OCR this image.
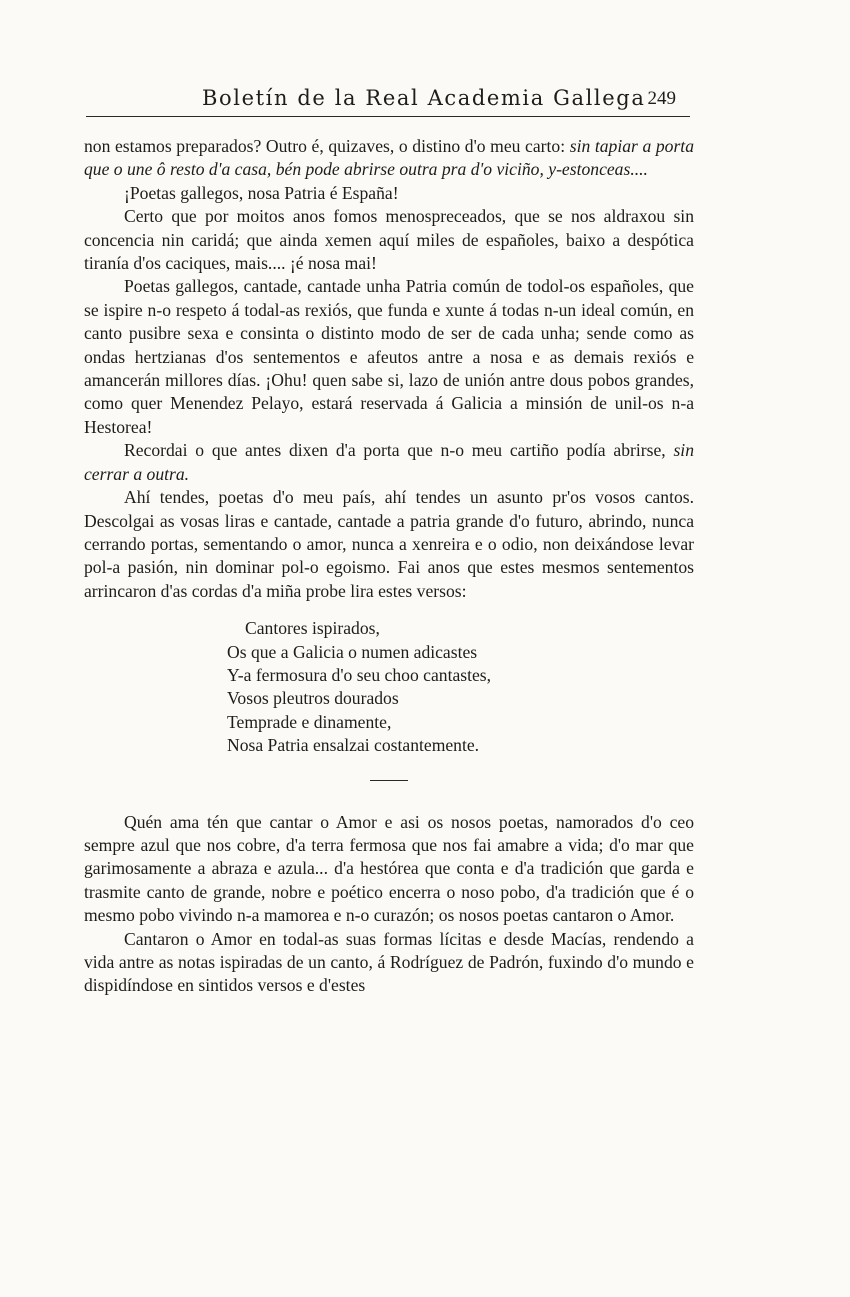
Boletín de la Real Academia Gallega 249

non estamos preparados? Outro é, quizaves, o distino d'o meu carto: sin tapiar a porta que o une ô resto d'a casa, bén pode abrirse outra pra d'o viciño, y-estonceas....

¡Poetas gallegos, nosa Patria é España!

Certo que por moitos anos fomos menospreceados, que se nos aldraxou sin concencia nin caridá; que ainda xemen aquí miles de españoles, baixo a despótica tiranía d'os caciques, mais.... ¡é nosa mai!

Poetas gallegos, cantade, cantade unha Patria común de todol-os españoles, que se ispire n-o respeto á todal-as rexiós, que funda e xunte á todas n-un ideal común, en canto pusibre sexa e consinta o distinto modo de ser de cada unha; sende como as ondas hertzianas d'os sentementos e afeutos antre a nosa e as demais rexiós e amancerán millores días. ¡Ohu! quen sabe si, lazo de unión antre dous pobos grandes, como quer Menendez Pelayo, estará reservada á Galicia a minsión de unil-os n-a Hestorea!

Recordai o que antes dixen d'a porta que n-o meu cartiño podía abrirse, sin cerrar a outra.

Ahí tendes, poetas d'o meu país, ahí tendes un asunto pr'os vosos cantos. Descolgai as vosas liras e cantade, cantade a patria grande d'o futuro, abrindo, nunca cerrando portas, sementando o amor, nunca a xenreira e o odio, non deixándose levar pol-a pasión, nin dominar pol-o egoismo. Fai anos que estes mesmos sentementos arrincaron d'as cordas d'a miña probe lira estes versos:

Cantores ispirados,
Os que a Galicia o numen adicastes
Y-a fermosura d'o seu choo cantastes,
Vosos pleutros dourados
Temprade e dinamente,
Nosa Patria ensalzai costantemente.

Quén ama tén que cantar o Amor e asi os nosos poetas, namorados d'o ceo sempre azul que nos cobre, d'a terra fermosa que nos fai amabre a vida; d'o mar que garimosamente a abraza e azula... d'a hestórea que conta e d'a tradición que garda e trasmite canto de grande, nobre e poético encerra o noso pobo, d'a tradición que é o mesmo pobo vivindo n-a mamorea e n-o curazón; os nosos poetas cantaron o Amor.

Cantaron o Amor en todal-as suas formas lícitas e desde Macías, rendendo a vida antre as notas ispiradas de un canto, á Rodríguez de Padrón, fuxindo d'o mundo e dispidíndose en sintidos versos e d'estes
